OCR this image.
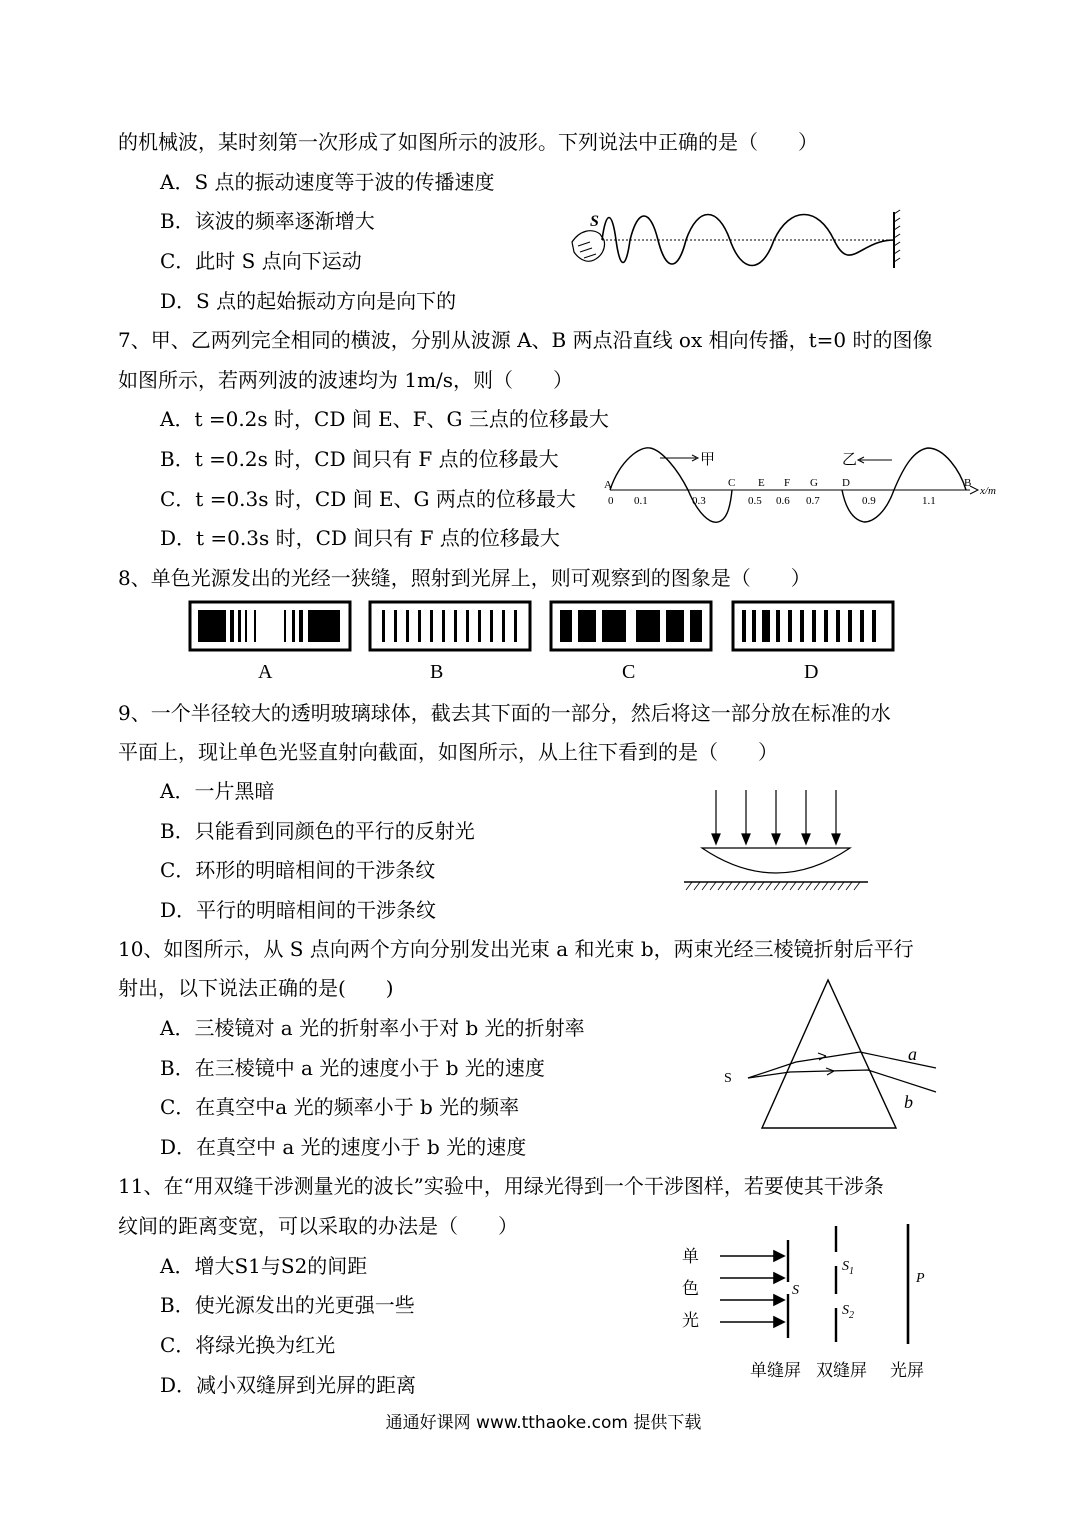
的机械波，某时刻第一次形成了如图所示的波形。下列说法中正确的是（　　）
A．S 点的振动速度等于波的传播速度
B．该波的频率逐渐增大
C．此时 S 点向下运动
D．S 点的起始振动方向是向下的
S
7、甲、乙两列完全相同的横波，分别从波源 A、B 两点沿直线 ox 相向传播，t=0 时的图像
如图所示，若两列波的波速均为 1m/s，则（　　）
A．t =0.2s 时，CD 间 E、F、G 三点的位移最大
B．t =0.2s 时，CD 间只有 F 点的位移最大
C．t =0.3s 时，CD 间 E、G 两点的位移最大
D．t =0.3s 时，CD 间只有 F 点的位移最大
甲	乙
A	C E F G D	B
0 0.1	0.3	0.5 0.6 0.7	0.9	1.1
x/m
8、单色光源发出的光经一狭缝，照射到光屏上，则可观察到的图象是（　　）
A	B	C	D
9、一个半径较大的透明玻璃球体，截去其下面的一部分，然后将这一部分放在标准的水
平面上，现让单色光竖直射向截面，如图所示，从上往下看到的是（　　）
A．一片黑暗
B．只能看到同颜色的平行的反射光
C．环形的明暗相间的干涉条纹
D．平行的明暗相间的干涉条纹
10、如图所示，从 S 点向两个方向分别发出光束 a 和光束 b，两束光经三棱镜折射后平行
射出，以下说法正确的是(　　)
A．三棱镜对 a 光的折射率小于对 b 光的折射率
B．在三棱镜中 a 光的速度小于 b 光的速度
C．在真空中a 光的频率小于 b 光的频率
D．在真空中 a 光的速度小于 b 光的速度
S
a
b
11、在“用双缝干涉测量光的波长”实验中，用绿光得到一个干涉图样，若要使其干涉条
纹间的距离变宽，可以采取的办法是（　　）
A．增大S1与S2的间距
B．使光源发出的光更强一些
C．将绿光换为红光
D．减小双缝屏到光屏的距离
单
色
光
S
$S_1$
$S_2$
P
单缝屏 双缝屏 光屏
通通好课网 www.tthaoke.com 提供下载
